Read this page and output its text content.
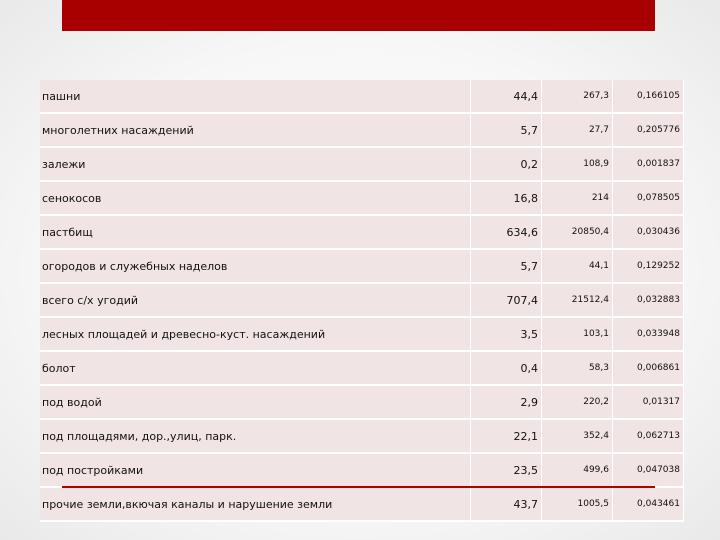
пашни	44,4	267,3	0,166105
многолетних насаждений	5,7	27,7	0,205776
залежи	0,2	108,9	0,001837
сенокосов	16,8	214	0,078505
пастбищ	634,6	20850,4	0,030436
огородов и служебных наделов	5,7	44,1	0,129252
всего с/х угодий	707,4	21512,4	0,032883
лесных площадей и древесно-куст. насаждений	3,5	103,1	0,033948
болот	0,4	58,3	0,006861
под водой	2,9	220,2	0,01317
под площадями, дор.,улиц, парк.	22,1	352,4	0,062713
под постройками	23,5	499,6	0,047038
прочие земли,вкючая каналы и нарушение земли	43,7	1005,5	0,043461
